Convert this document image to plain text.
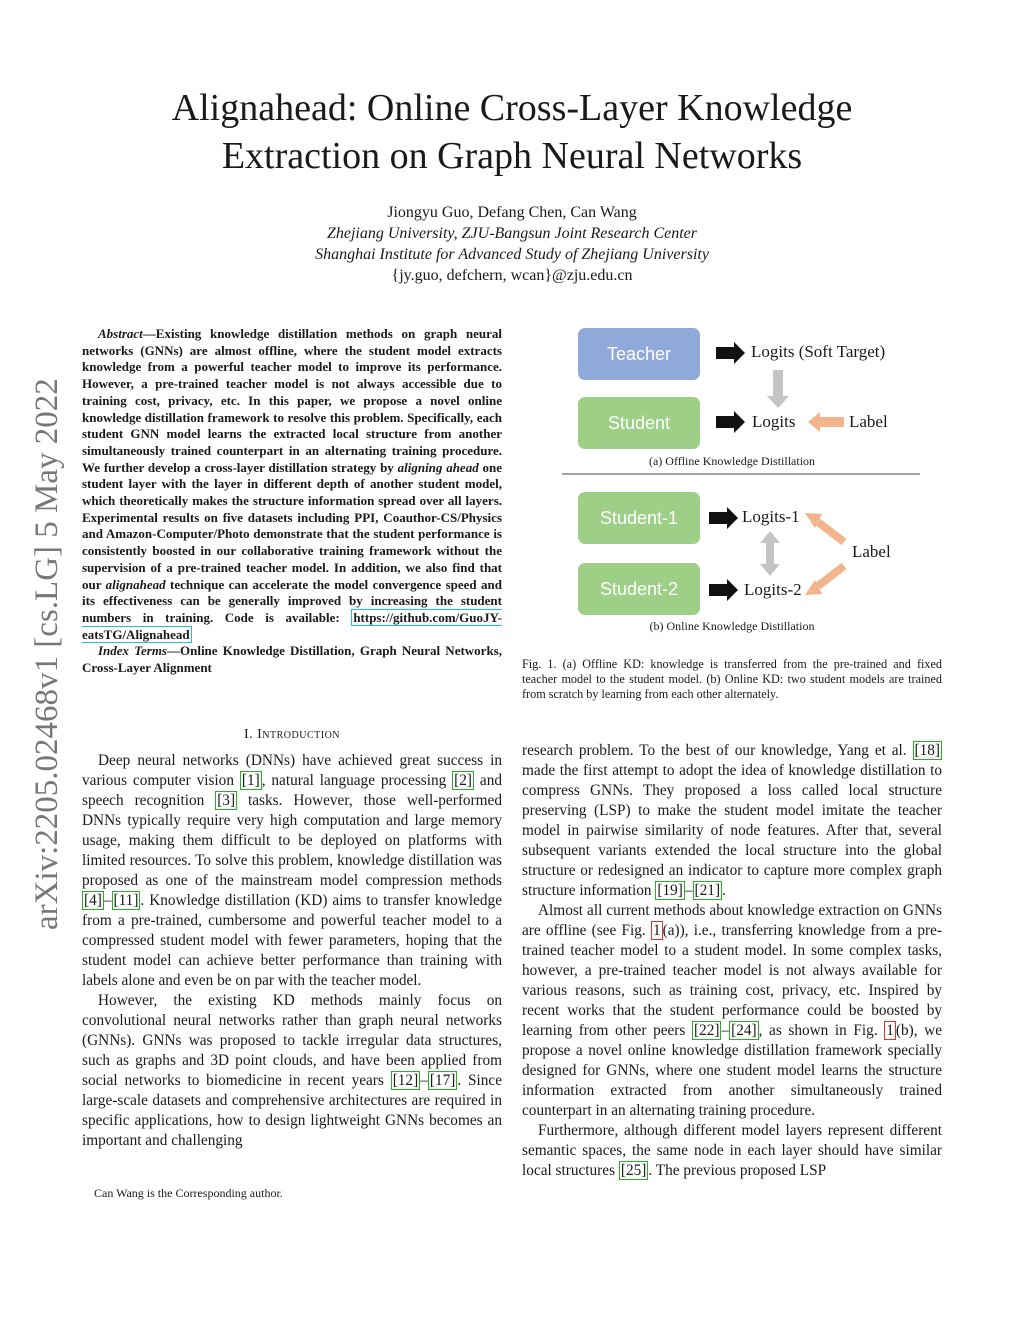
Alignahead: Online Cross-Layer Knowledge
Extraction on Graph Neural Networks
Jiongyu Guo, Defang Chen, Can Wang
Zhejiang University, ZJU-Bangsun Joint Research Center
Shanghai Institute for Advanced Study of Zhejiang University
{jy.guo, defchern, wcan}@zju.edu.cn
arXiv:2205.02468v1 [cs.LG] 5 May 2022

Abstract—Existing knowledge distillation methods on graph neural networks (GNNs) are almost offline, where the student model extracts knowledge from a powerful teacher model to improve its performance. However, a pre-trained teacher model is not always accessible due to training cost, privacy, etc. In this paper, we propose a novel online knowledge distillation framework to resolve this problem. Specifically, each student GNN model learns the extracted local structure from another simultaneously trained counterpart in an alternating training procedure. We further develop a cross-layer distillation strategy by aligning ahead one student layer with the layer in different depth of another student model, which theoretically makes the structure information spread over all layers. Experimental results on five datasets including PPI, Coauthor-CS/Physics and Amazon-Computer/Photo demonstrate that the student performance is consistently boosted in our collaborative training framework without the supervision of a pre-trained teacher model. In addition, we also find that our alignahead technique can accelerate the model convergence speed and its effectiveness can be generally improved by increasing the student numbers in training. Code is available: https://github.com/GuoJY-eatsTG/Alignahead

Index Terms—Online Knowledge Distillation, Graph Neural Networks, Cross-Layer Alignment

I. Introduction

Deep neural networks (DNNs) have achieved great success in various computer vision [1] , natural language processing [2] and speech recognition [3] tasks. However, those well-performed DNNs typically require very high computation and large memory usage, making them difficult to be deployed on platforms with limited resources. To solve this problem, knowledge distillation was proposed as one of the mainstream model compression methods [4] – [11] . Knowledge distillation (KD) aims to transfer knowledge from a pre-trained, cumbersome and powerful teacher model to a compressed student model with fewer parameters, hoping that the student model can achieve better performance than training with labels alone and even be on par with the teacher model.

However, the existing KD methods mainly focus on convolutional neural networks rather than graph neural networks (GNNs). GNNs was proposed to tackle irregular data structures, such as graphs and 3D point clouds, and have been applied from social networks to biomedicine in recent years [12] – [17] . Since large-scale datasets and comprehensive architectures are required in specific applications, how to design lightweight GNNs becomes an important and challenging

Can Wang is the Corresponding author.
Teacher
Student
Logits (Soft Target)
Logits	Label
(a) Offline Knowledge Distillation
Student-1
Student-2
Logits-1
Logits-2
Label
(b) Online Knowledge Distillation
Fig. 1. (a) Offline KD: knowledge is transferred from the pre-trained and fixed teacher model to the student model. (b) Online KD: two student models are trained from scratch by learning from each other alternately.

research problem. To the best of our knowledge, Yang et al. [18] made the first attempt to adopt the idea of knowledge distillation to compress GNNs. They proposed a loss called local structure preserving (LSP) to make the student model imitate the teacher model in pairwise similarity of node features. After that, several subsequent variants extended the local structure into the global structure or redesigned an indicator to capture more complex graph structure information [19] – [21] .

Almost all current methods about knowledge extraction on GNNs are offline (see Fig. 1 (a)), i.e., transferring knowledge from a pre-trained teacher model to a student model. In some complex tasks, however, a pre-trained teacher model is not always available for various reasons, such as training cost, privacy, etc. Inspired by recent works that the student performance could be boosted by learning from other peers [22] – [24] , as shown in Fig. 1 (b), we propose a novel online knowledge distillation framework specially designed for GNNs, where one student model learns the structure information extracted from another simultaneously trained counterpart in an alternating training procedure.

Furthermore, although different model layers represent different semantic spaces, the same node in each layer should have similar local structures [25] . The previous proposed LSP
